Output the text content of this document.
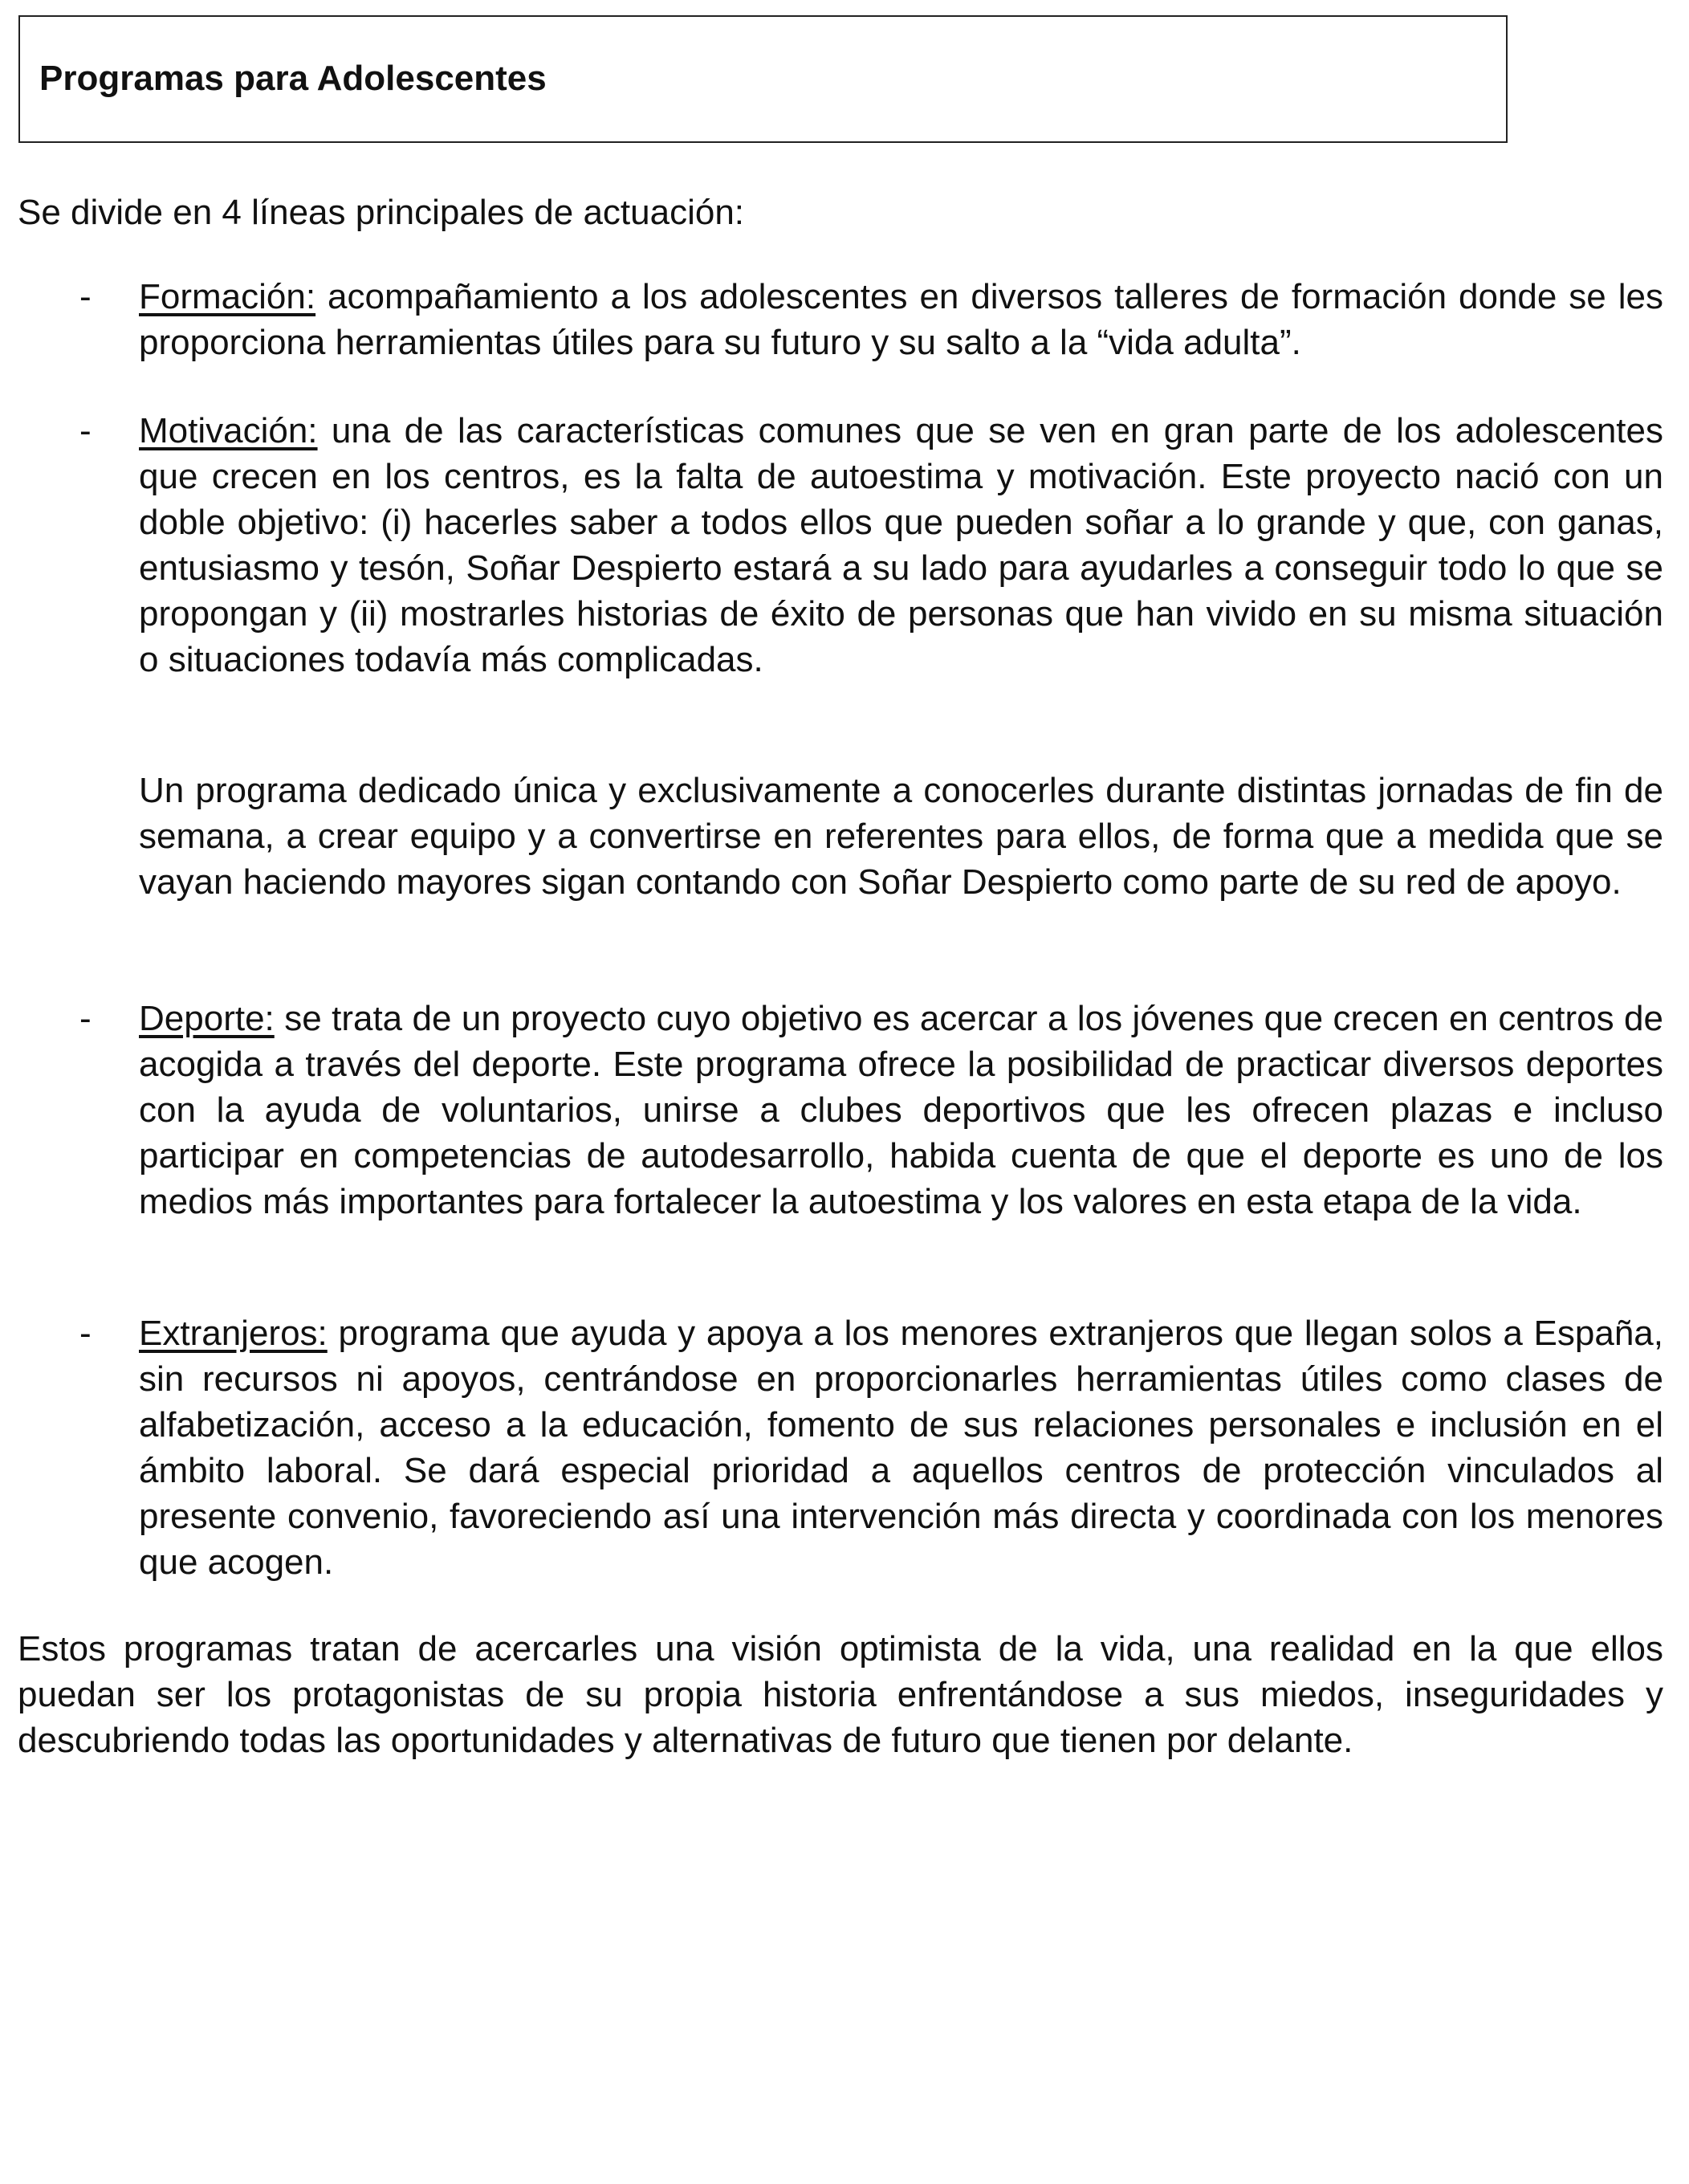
Programas para Adolescentes
Se divide en 4 líneas principales de actuación:
- Formación: acompañamiento a los adolescentes en diversos talleres de formación donde se les proporciona herramientas útiles para su futuro y su salto a la “vida adulta”.
- Motivación: una de las características comunes que se ven en gran parte de los adolescentes que crecen en los centros, es la falta de autoestima y motivación. Este proyecto nació con un doble objetivo: (i) hacerles saber a todos ellos que pueden soñar a lo grande y que, con ganas, entusiasmo y tesón, Soñar Despierto estará a su lado para ayudarles a conseguir todo lo que se propongan y (ii) mostrarles historias de éxito de personas que han vivido en su misma situación o situaciones todavía más complicadas.
Un programa dedicado única y exclusivamente a conocerles durante distintas jornadas de fin de semana, a crear equipo y a convertirse en referentes para ellos, de forma que a medida que se vayan haciendo mayores sigan contando con Soñar Despierto como parte de su red de apoyo.
- Deporte: se trata de un proyecto cuyo objetivo es acercar a los jóvenes que crecen en centros de acogida a través del deporte. Este programa ofrece la posibilidad de practicar diversos deportes con la ayuda de voluntarios, unirse a clubes deportivos que les ofrecen plazas e incluso participar en competencias de autodesarrollo, habida cuenta de que el deporte es uno de los medios más importantes para fortalecer la autoestima y los valores en esta etapa de la vida.
- Extranjeros: programa que ayuda y apoya a los menores extranjeros que llegan solos a España, sin recursos ni apoyos, centrándose en proporcionarles herramientas útiles como clases de alfabetización, acceso a la educación, fomento de sus relaciones personales e inclusión en el ámbito laboral. Se dará especial prioridad a aquellos centros de protección vinculados al presente convenio, favoreciendo así una intervención más directa y coordinada con los menores que acogen.
Estos programas tratan de acercarles una visión optimista de la vida, una realidad en la que ellos puedan ser los protagonistas de su propia historia enfrentándose a sus miedos, inseguridades y descubriendo todas las oportunidades y alternativas de futuro que tienen por delante.
